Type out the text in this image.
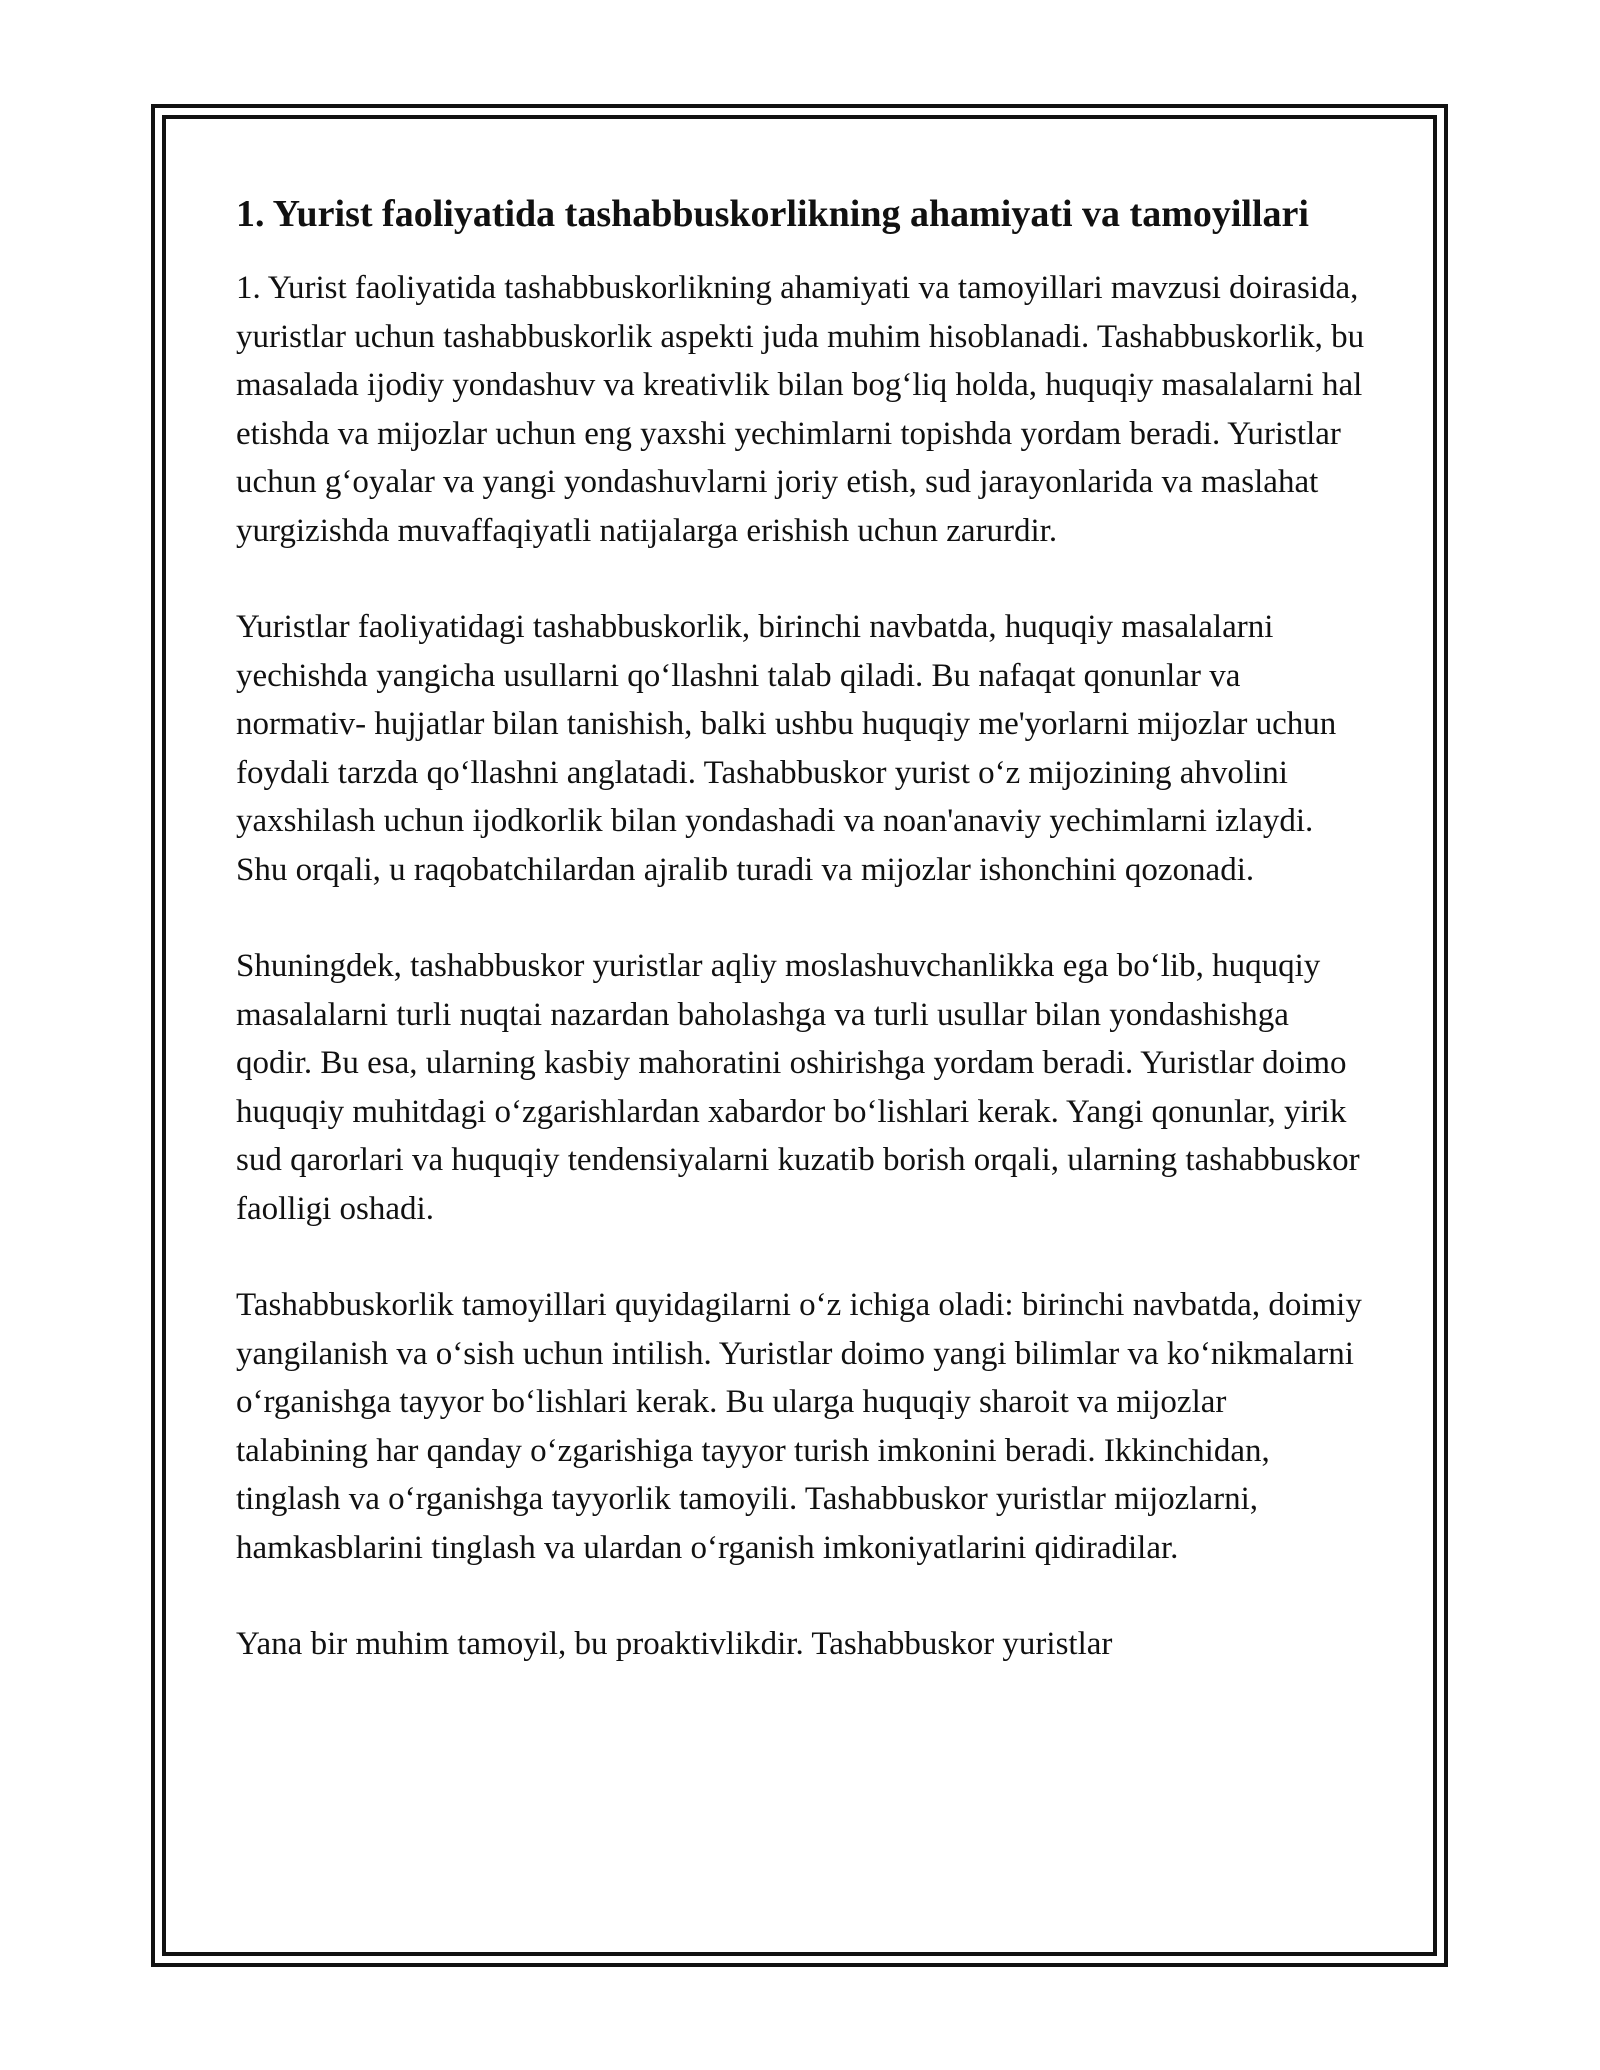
1. Yurist faoliyatida tashabbuskorlikning ahamiyati va tamoyillari

1. Yurist faoliyatida tashabbuskorlikning ahamiyati va tamoyillari mavzusi doirasida, yuristlar uchun tashabbuskorlik aspekti juda muhim hisoblanadi. Tashabbuskorlik, bu masalada ijodiy yondashuv va kreativlik bilan bog‘liq holda, huquqiy masalalarni hal etishda va mijozlar uchun eng yaxshi yechimlarni topishda yordam beradi. Yuristlar uchun g‘oyalar va yangi yondashuvlarni joriy etish, sud jarayonlarida va maslahat yurgizishda muvaffaqiyatli natijalarga erishish uchun zarurdir.

Yuristlar faoliyatidagi tashabbuskorlik, birinchi navbatda, huquqiy masalalarni yechishda yangicha usullarni qo‘llashni talab qiladi. Bu nafaqat qonunlar va normativ- hujjatlar bilan tanishish, balki ushbu huquqiy me'yorlarni mijozlar uchun foydali tarzda qo‘llashni anglatadi. Tashabbuskor yurist o‘z mijozining ahvolini yaxshilash uchun ijodkorlik bilan yondashadi va noan'anaviy yechimlarni izlaydi. Shu orqali, u raqobatchilardan ajralib turadi va mijozlar ishonchini qozonadi.

Shuningdek, tashabbuskor yuristlar aqliy moslashuvchanlikka ega bo‘lib, huquqiy masalalarni turli nuqtai nazardan baholashga va turli usullar bilan yondashishga qodir. Bu esa, ularning kasbiy mahoratini oshirishga yordam beradi. Yuristlar doimo huquqiy muhitdagi o‘zgarishlardan xabardor bo‘lishlari kerak. Yangi qonunlar, yirik sud qarorlari va huquqiy tendensiyalarni kuzatib borish orqali, ularning tashabbuskor faolligi oshadi.

Tashabbuskorlik tamoyillari quyidagilarni o‘z ichiga oladi: birinchi navbatda, doimiy yangilanish va o‘sish uchun intilish. Yuristlar doimo yangi bilimlar va ko‘nikmalarni o‘rganishga tayyor bo‘lishlari kerak. Bu ularga huquqiy sharoit va mijozlar talabining har qanday o‘zgarishiga tayyor turish imkonini beradi. Ikkinchidan, tinglash va o‘rganishga tayyorlik tamoyili. Tashabbuskor yuristlar mijozlarni, hamkasblarini tinglash va ulardan o‘rganish imkoniyatlarini qidiradilar.

Yana bir muhim tamoyil, bu proaktivlikdir. Tashabbuskor yuristlar
